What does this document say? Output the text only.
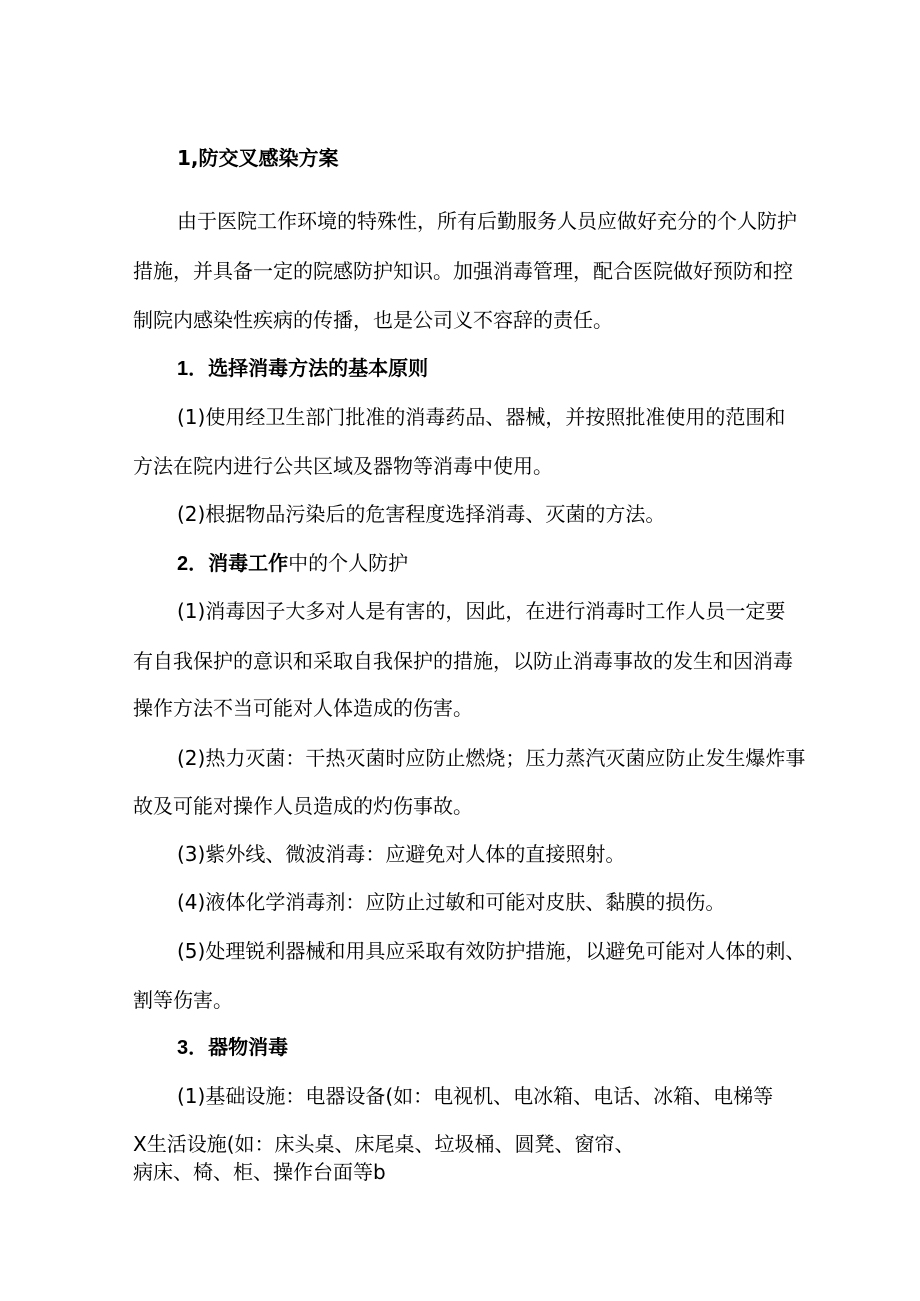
1,防交叉感染方案
由于医院工作环境的特殊性，所有后勤服务人员应做好充分的个人防护
措施，并具备一定的院感防护知识。加强消毒管理，配合医院做好预防和控
制院内感染性疾病的传播，也是公司义不容辞的责任。
1．选择消毒方法的基本原则
(1)使用经卫生部门批准的消毒药品、器械，并按照批准使用的范围和
方法在院内进行公共区域及器物等消毒中使用。
(2)根据物品污染后的危害程度选择消毒、灭菌的方法。
2．消毒工作中的个人防护
(1)消毒因子大多对人是有害的，因此，在进行消毒时工作人员一定要
有自我保护的意识和采取自我保护的措施，以防止消毒事故的发生和因消毒
操作方法不当可能对人体造成的伤害。
(2)热力灭菌：干热灭菌时应防止燃烧；压力蒸汽灭菌应防止发生爆炸事
故及可能对操作人员造成的灼伤事故。
(3)紫外线、微波消毒：应避免对人体的直接照射。
(4)液体化学消毒剂：应防止过敏和可能对皮肤、黏膜的损伤。
(5)处理锐利器械和用具应采取有效防护措施，以避免可能对人体的刺、
割等伤害。
3．器物消毒
(1)基础设施：电器设备(如：电视机、电冰箱、电话、冰箱、电梯等
X生活设施(如：床头桌、床尾桌、垃圾桶、圆凳、窗帘、
病床、椅、柜、操作台面等b
